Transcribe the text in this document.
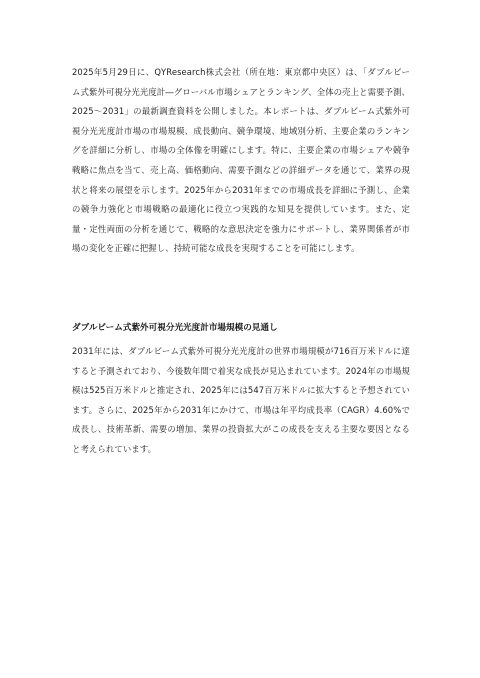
2025年5月29日に、QYResearch株式会社（所在地：東京都中央区）は、「ダブルビーム式紫外可視分光光度計―グローバル市場シェアとランキング、全体の売上と需要予測、2025～2031」の最新調査資料を公開しました。本レポートは、ダブルビーム式紫外可視分光光度計市場の市場規模、成長動向、競争環境、地域別分析、主要企業のランキングを詳細に分析し、市場の全体像を明確にします。特に、主要企業の市場シェアや競争戦略に焦点を当て、売上高、価格動向、需要予測などの詳細データを通じて、業界の現状と将来の展望を示します。2025年から2031年までの市場成長を詳細に予測し、企業の競争力強化と市場戦略の最適化に役立つ実践的な知見を提供しています。また、定量・定性両面の分析を通じて、戦略的な意思決定を強力にサポートし、業界関係者が市場の変化を正確に把握し、持続可能な成長を実現することを可能にします。

ダブルビーム式紫外可視分光光度計市場規模の見通し

2031年には、ダブルビーム式紫外可視分光光度計の世界市場規模が716百万米ドルに達すると予測されており、今後数年間で着実な成長が見込まれています。2024年の市場規模は525百万米ドルと推定され、2025年には547百万米ドルに拡大すると予想されています。さらに、2025年から2031年にかけて、市場は年平均成長率（CAGR）4.60%で成長し、技術革新、需要の増加、業界の投資拡大がこの成長を支える主要な要因となると考えられています。
